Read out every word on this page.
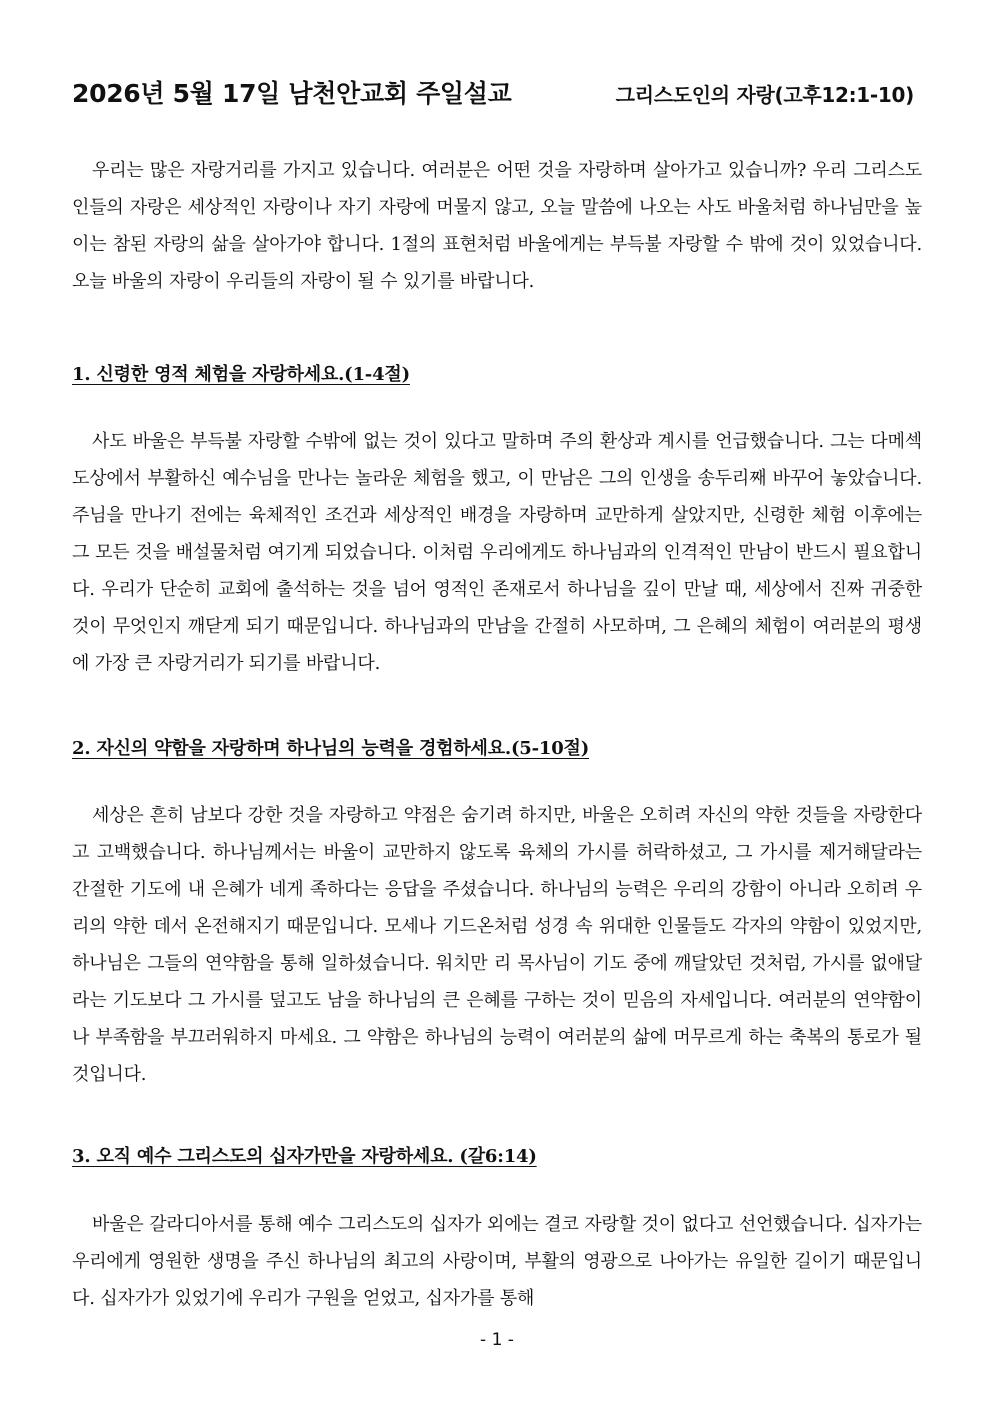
2026년 5월 17일 남천안교회 주일설교	그리스도인의 자랑(고후12:1-10)

우리는 많은 자랑거리를 가지고 있습니다. 여러분은 어떤 것을 자랑하며 살아가고 있습니까? 우리 그리스도인들의 자랑은 세상적인 자랑이나 자기 자랑에 머물지 않고, 오늘 말씀에 나오는 사도 바울처럼 하나님만을 높이는 참된 자랑의 삶을 살아가야 합니다. 1절의 표현처럼 바울에게는 부득불 자랑할 수 밖에 것이 있었습니다. 오늘 바울의 자랑이 우리들의 자랑이 될 수 있기를 바랍니다.

1. 신령한 영적 체험을 자랑하세요.(1-4절)

사도 바울은 부득불 자랑할 수밖에 없는 것이 있다고 말하며 주의 환상과 계시를 언급했습니다. 그는 다메섹 도상에서 부활하신 예수님을 만나는 놀라운 체험을 했고, 이 만남은 그의 인생을 송두리째 바꾸어 놓았습니다. 주님을 만나기 전에는 육체적인 조건과 세상적인 배경을 자랑하며 교만하게 살았지만, 신령한 체험 이후에는 그 모든 것을 배설물처럼 여기게 되었습니다. 이처럼 우리에게도 하나님과의 인격적인 만남이 반드시 필요합니다. 우리가 단순히 교회에 출석하는 것을 넘어 영적인 존재로서 하나님을 깊이 만날 때, 세상에서 진짜 귀중한 것이 무엇인지 깨닫게 되기 때문입니다. 하나님과의 만남을 간절히 사모하며, 그 은혜의 체험이 여러분의 평생에 가장 큰 자랑거리가 되기를 바랍니다.

2. 자신의 약함을 자랑하며 하나님의 능력을 경험하세요.(5-10절)

세상은 흔히 남보다 강한 것을 자랑하고 약점은 숨기려 하지만, 바울은 오히려 자신의 약한 것들을 자랑한다고 고백했습니다. 하나님께서는 바울이 교만하지 않도록 육체의 가시를 허락하셨고, 그 가시를 제거해달라는 간절한 기도에 내 은혜가 네게 족하다는 응답을 주셨습니다. 하나님의 능력은 우리의 강함이 아니라 오히려 우리의 약한 데서 온전해지기 때문입니다. 모세나 기드온처럼 성경 속 위대한 인물들도 각자의 약함이 있었지만, 하나님은 그들의 연약함을 통해 일하셨습니다. 워치만 리 목사님이 기도 중에 깨달았던 것처럼, 가시를 없애달라는 기도보다 그 가시를 덮고도 남을 하나님의 큰 은혜를 구하는 것이 믿음의 자세입니다. 여러분의 연약함이나 부족함을 부끄러워하지 마세요. 그 약함은 하나님의 능력이 여러분의 삶에 머무르게 하는 축복의 통로가 될 것입니다.

3. 오직 예수 그리스도의 십자가만을 자랑하세요. (갈6:14)

바울은 갈라디아서를 통해 예수 그리스도의 십자가 외에는 결코 자랑할 것이 없다고 선언했습니다. 십자가는 우리에게 영원한 생명을 주신 하나님의 최고의 사랑이며, 부활의 영광으로 나아가는 유일한 길이기 때문입니다. 십자가가 있었기에 우리가 구원을 얻었고, 십자가를 통해

- 1 -
